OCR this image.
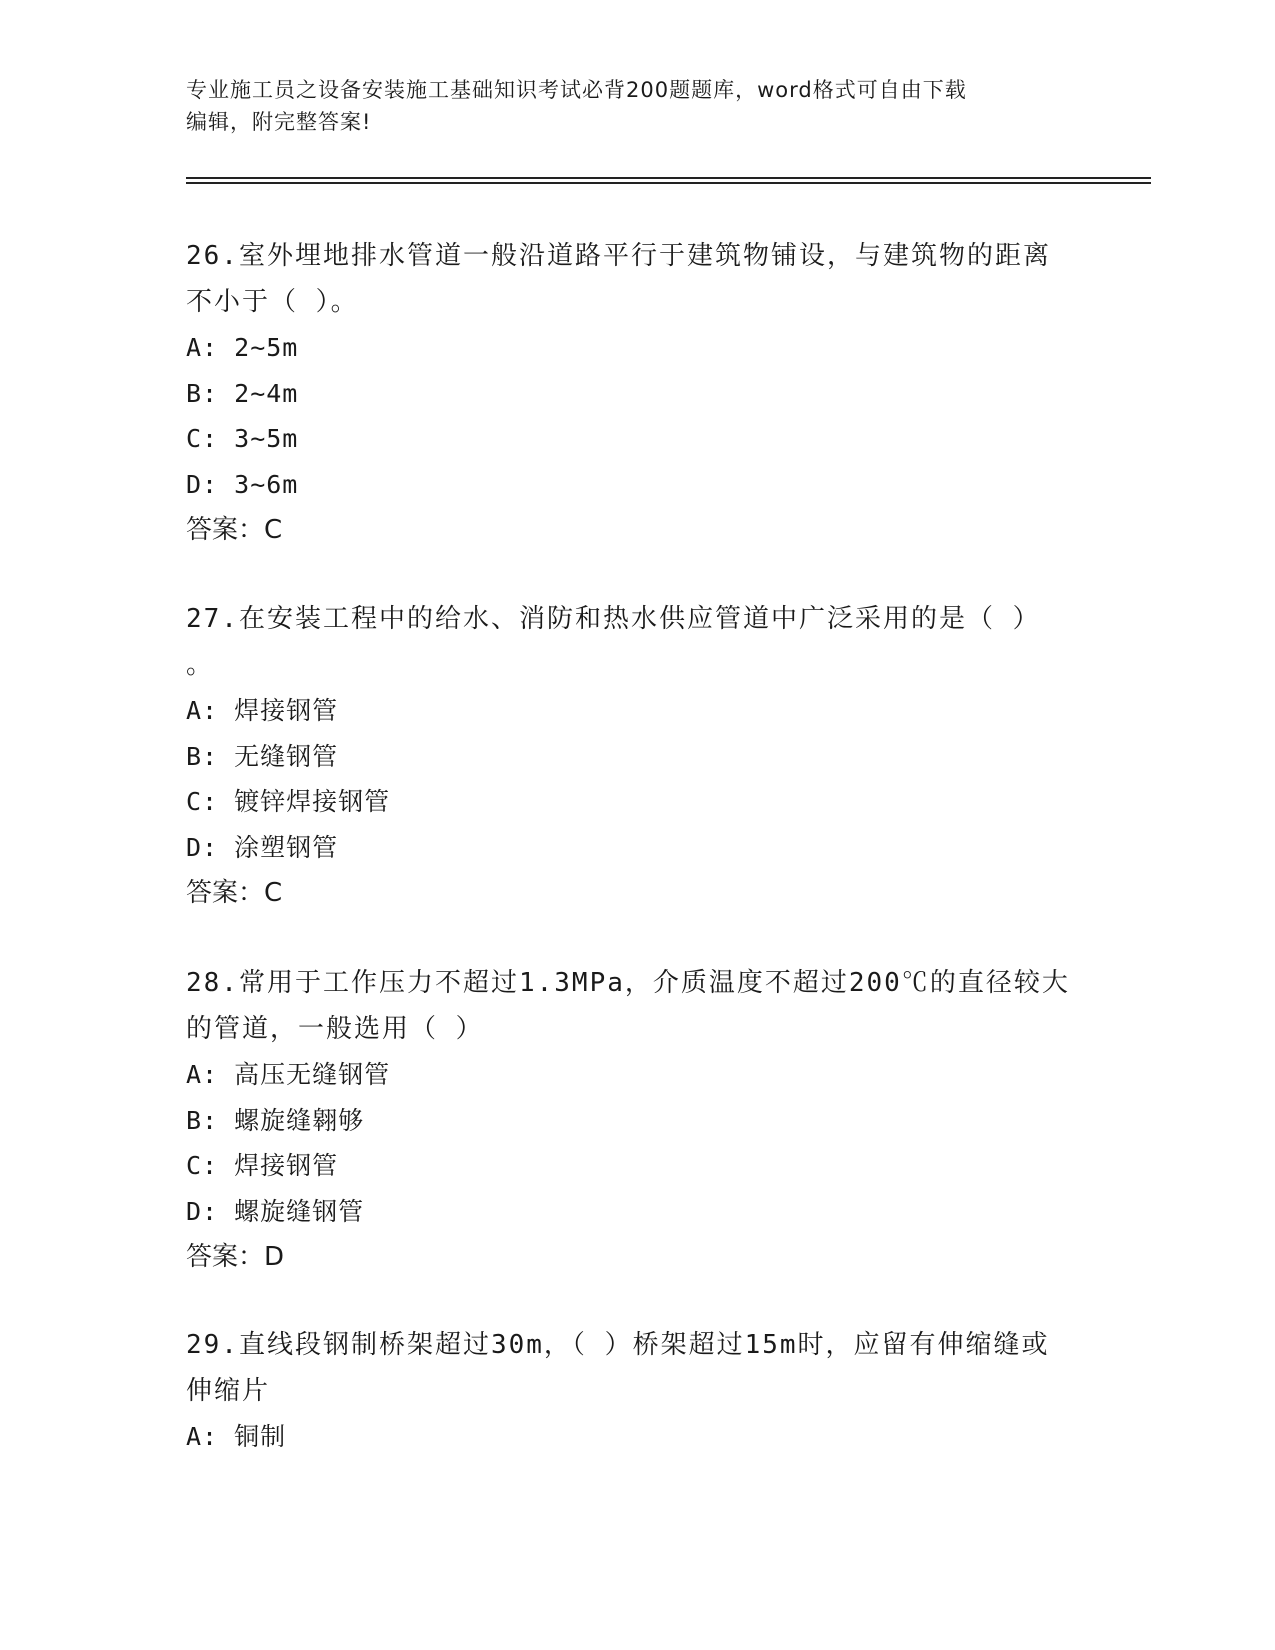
专业施工员之设备安装施工基础知识考试必背200题题库，word格式可自由下载
编辑，附完整答案!
26.室外埋地排水管道一般沿道路平行于建筑物铺设，与建筑物的距离
不小于（ ）。
A: 2~5m
B: 2~4m
C: 3~5m
D: 3~6m
答案：C
27.在安装工程中的给水、消防和热水供应管道中广泛采用的是（ ）
。
A: 焊接钢管
B: 无缝钢管
C: 镀锌焊接钢管
D: 涂塑钢管
答案：C
28.常用于工作压力不超过1.3MPa，介质温度不超过200℃的直径较大
的管道，一般选用（ ）
A: 高压无缝钢管
B: 螺旋缝翱够
C: 焊接钢管
D: 螺旋缝钢管
答案：D
29.直线段钢制桥架超过30m，（ ）桥架超过15m时，应留有伸缩缝或
伸缩片
A: 铜制
